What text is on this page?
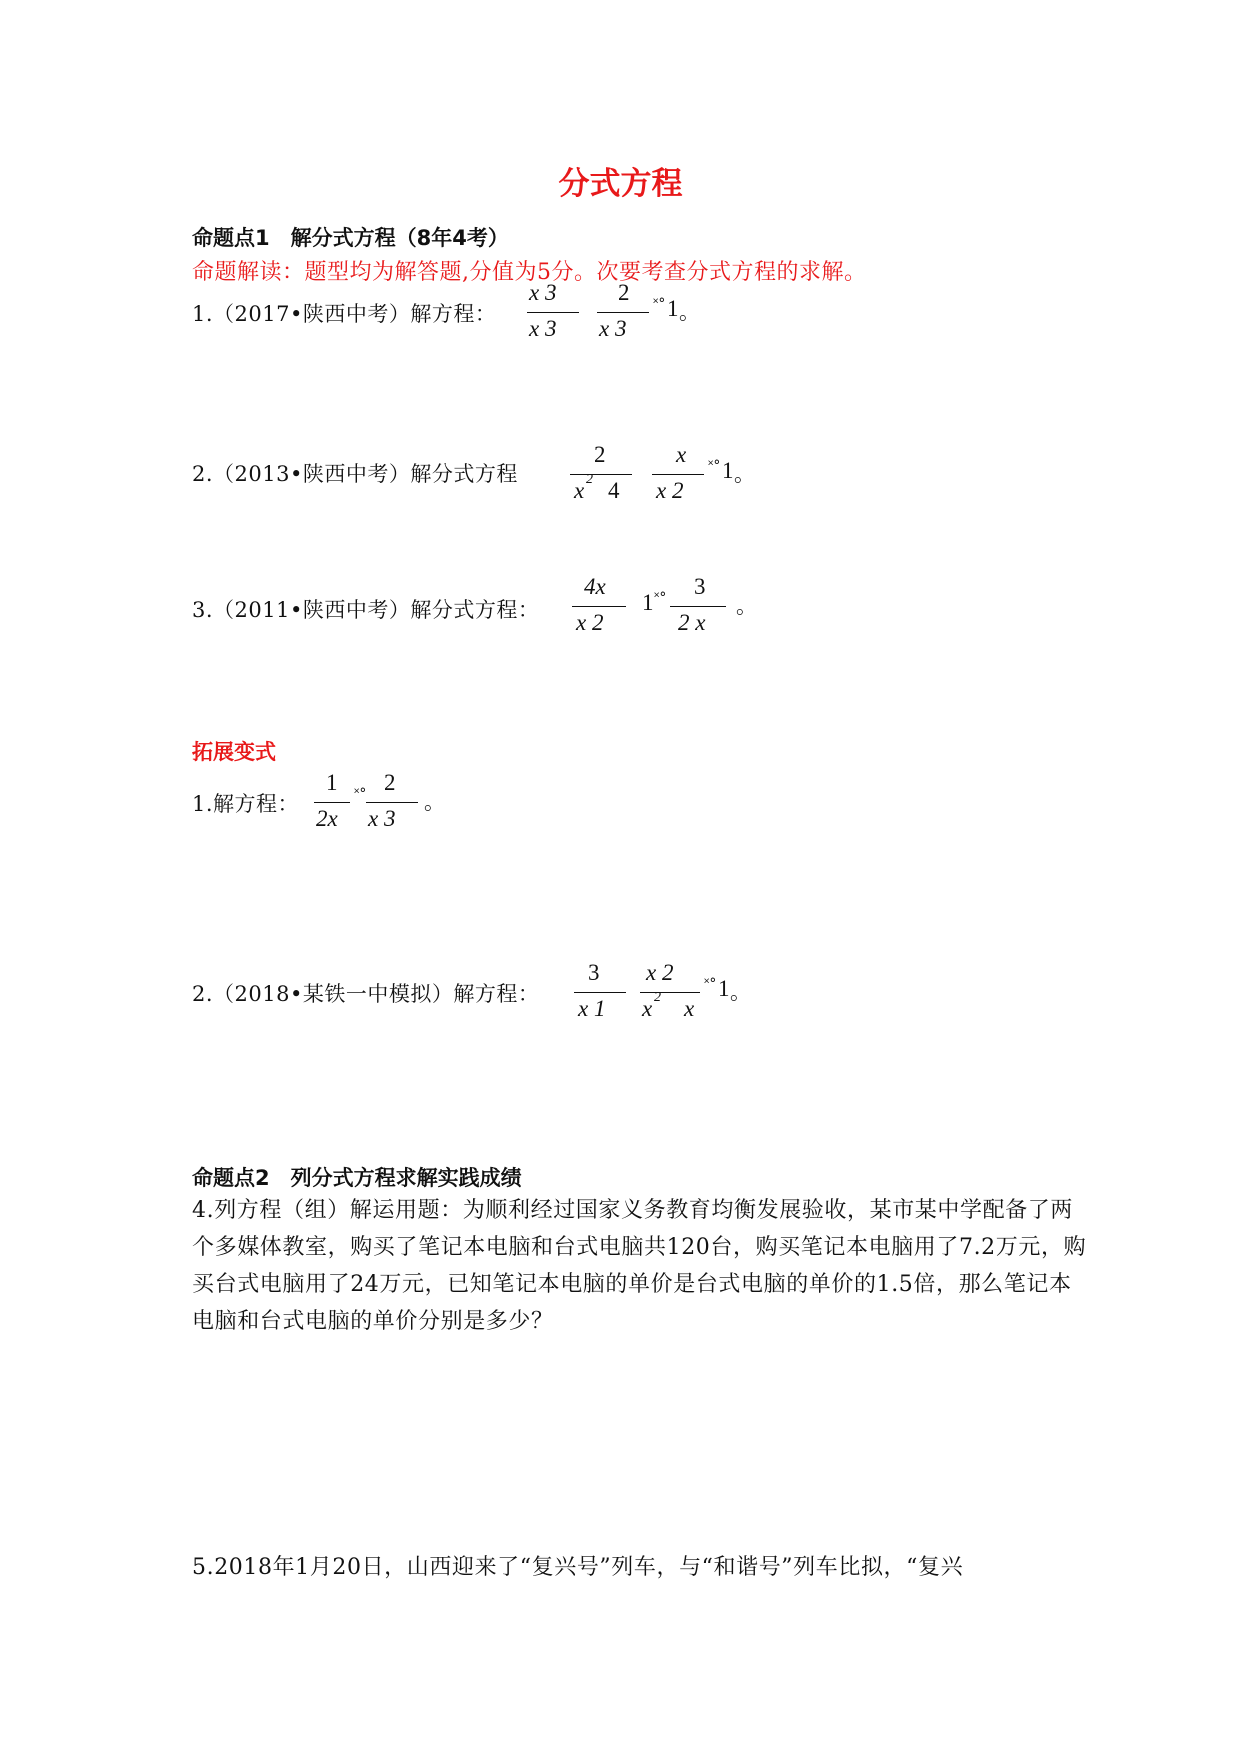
分式方程
命题点1　解分式方程（8年4考）
命题解读：题型均为解答题,分值为5分。次要考查分式方程的求解。
1.（2017•陕西中考）解方程：
x 3
x 3
2
x 3
˟° 1 。
2.（2013•陕西中考）解分式方程
2
x 2 4
x
x 2
˟° 1 。
3.（2011•陕西中考）解分式方程：
4x
x 2
1 ˟° 3
2 x
。
拓展变式
1.解方程：
1
2x
˟° 2
x 3
。
2.（2018•某铁一中模拟）解方程：
3
x 1
x 2
x 2 x
˟° 1 。
命题点2　列分式方程求解实践成绩
4.列方程（组）解运用题：为顺利经过国家义务教育均衡发展验收，某市某中学配备了两个多媒体教室，购买了笔记本电脑和台式电脑共120台，购买笔记本电脑用了7.2万元，购买台式电脑用了24万元，已知笔记本电脑的单价是台式电脑的单价的1.5倍，那么笔记本电脑和台式电脑的单价分别是多少？
5.2018年1月20日，山西迎来了“复兴号”列车，与“和谐号”列车比拟，“复兴
